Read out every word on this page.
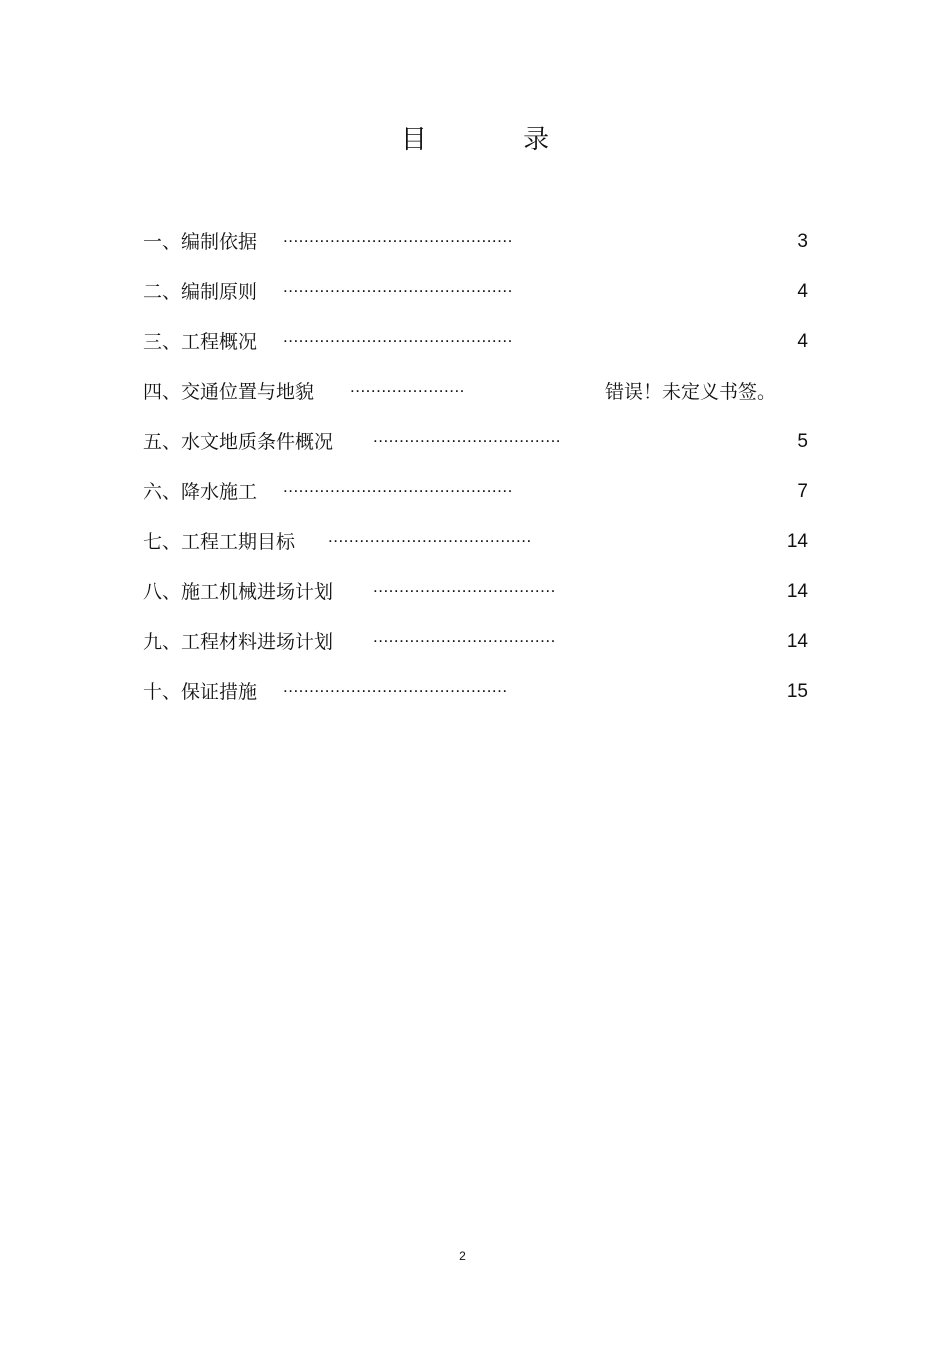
目 录
一、编制依据 ............................................	3
二、编制原则 ............................................	4
三、工程概况 ............................................	4
四、交通位置与地貌 ......................	错误！未定义书签。
五、水文地质条件概况 ....................................	5
六、降水施工 ............................................	7
七、工程工期目标 .......................................	14
八、施工机械进场计划 ...................................	14
九、工程材料进场计划 ...................................	14
十、保证措施 ...........................................	15
2
